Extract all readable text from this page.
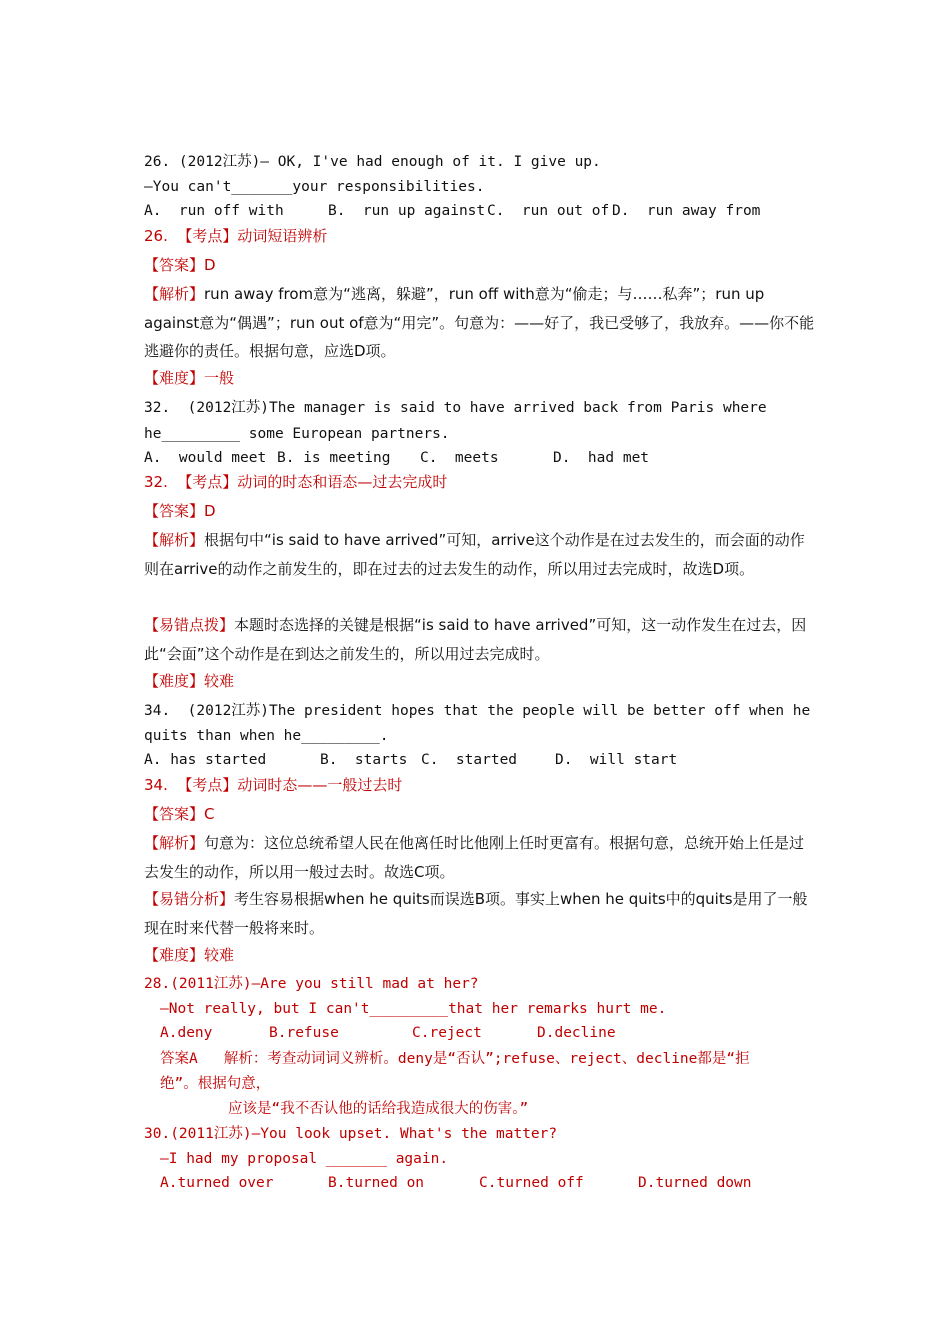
26. (2012江苏)— OK, I've had enough of it. I give up.
—You can't_______your responsibilities.
A.  run off with	B.  run up against C.  run out of D.  run away from
26. 【考点】动词短语辨析
【答案】D
【解析】run away from意为“逃离，躲避”，run off with意为“偷走；与……私奔”；run up against意为“偶遇”；run out of意为“用完”。句意为：——好了，我已受够了，我放弃。——你不能逃避你的责任。根据句意，应选D项。
【难度】一般
32.  (2012江苏)The manager is said to have arrived back from Paris where
he_________ some European partners.
A.  would meet B. is meeting C.  meets	D.  had met
32. 【考点】动词的时态和语态—过去完成时
【答案】D
【解析】根据句中“is said to have arrived”可知，arrive这个动作是在过去发生的，而会面的动作则在arrive的动作之前发生的，即在过去的过去发生的动作，所以用过去完成时，故选D项。
【易错点拨】本题时态选择的关键是根据“is said to have arrived”可知，这一动作发生在过去，因此“会面”这个动作是在到达之前发生的，所以用过去完成时。
【难度】较难
34.  (2012江苏)The president hopes that the people will be better off when he
quits than when he_________.
A. has started	B.  starts C.  started	D.  will start
34. 【考点】动词时态——一般过去时
【答案】C
【解析】句意为：这位总统希望人民在他离任时比他刚上任时更富有。根据句意，总统开始上任是过去发生的动作，所以用一般过去时。故选C项。
【易错分析】考生容易根据when he quits而误选B项。事实上when he quits中的quits是用了一般现在时来代替一般将来时。
【难度】较难
28.(2011江苏)—Are you still mad at her?
—Not really, but I can't_________that her remarks hurt me.
A.deny	B.refuse	C.reject	D.decline
答案A   解析：考查动词词义辨析。deny是“否认”;refuse、reject、decline都是“拒
绝”。根据句意，
应该是“我不否认他的话给我造成很大的伤害。”
30.(2011江苏)—You look upset. What's the matter?
—I had my proposal _______ again.
A.turned over	B.turned on	C.turned off	D.turned down
